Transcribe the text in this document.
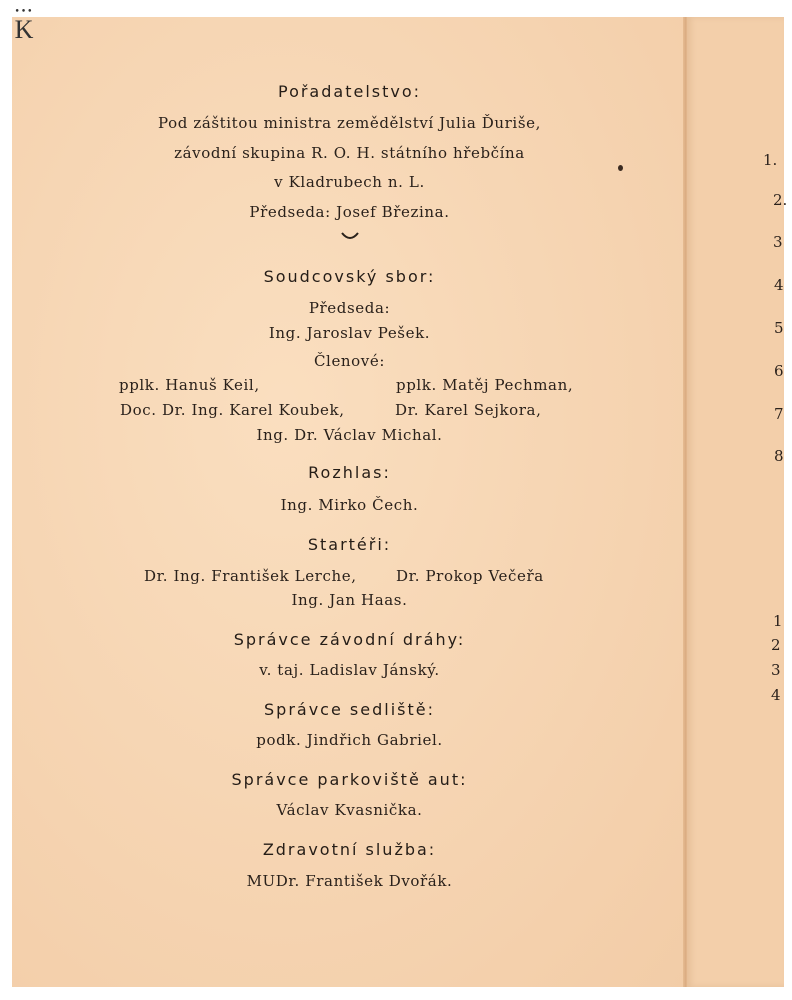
•••
K
Pořadatelstvo:
Pod záštitou ministra zemědělství Julia Ďuriše,
závodní skupina R. O. H. státního hřebčína
v Kladrubech n. L.
Předseda: Josef Březina.
Soudcovský sbor:
Předseda:
Ing. Jaroslav Pešek.
Členové:
pplk. Hanuš Keil,	pplk. Matěj Pechman,
Doc. Dr. Ing. Karel Koubek,	Dr. Karel Sejkora,
Ing. Dr. Václav Michal.
Rozhlas:
Ing. Mirko Čech.
Startéři:
Dr. Ing. František Lerche,	Dr. Prokop Večeřa
Ing. Jan Haas.
Správce závodní dráhy:
v. taj. Ladislav Jánský.
Správce sedliště:
podk. Jindřich Gabriel.
Správce parkoviště aut:
Václav Kvasnička.
Zdravotní služba:
MUDr. František Dvořák.
1.
2.
3
4
5
6
7
8
1
2
3
4
